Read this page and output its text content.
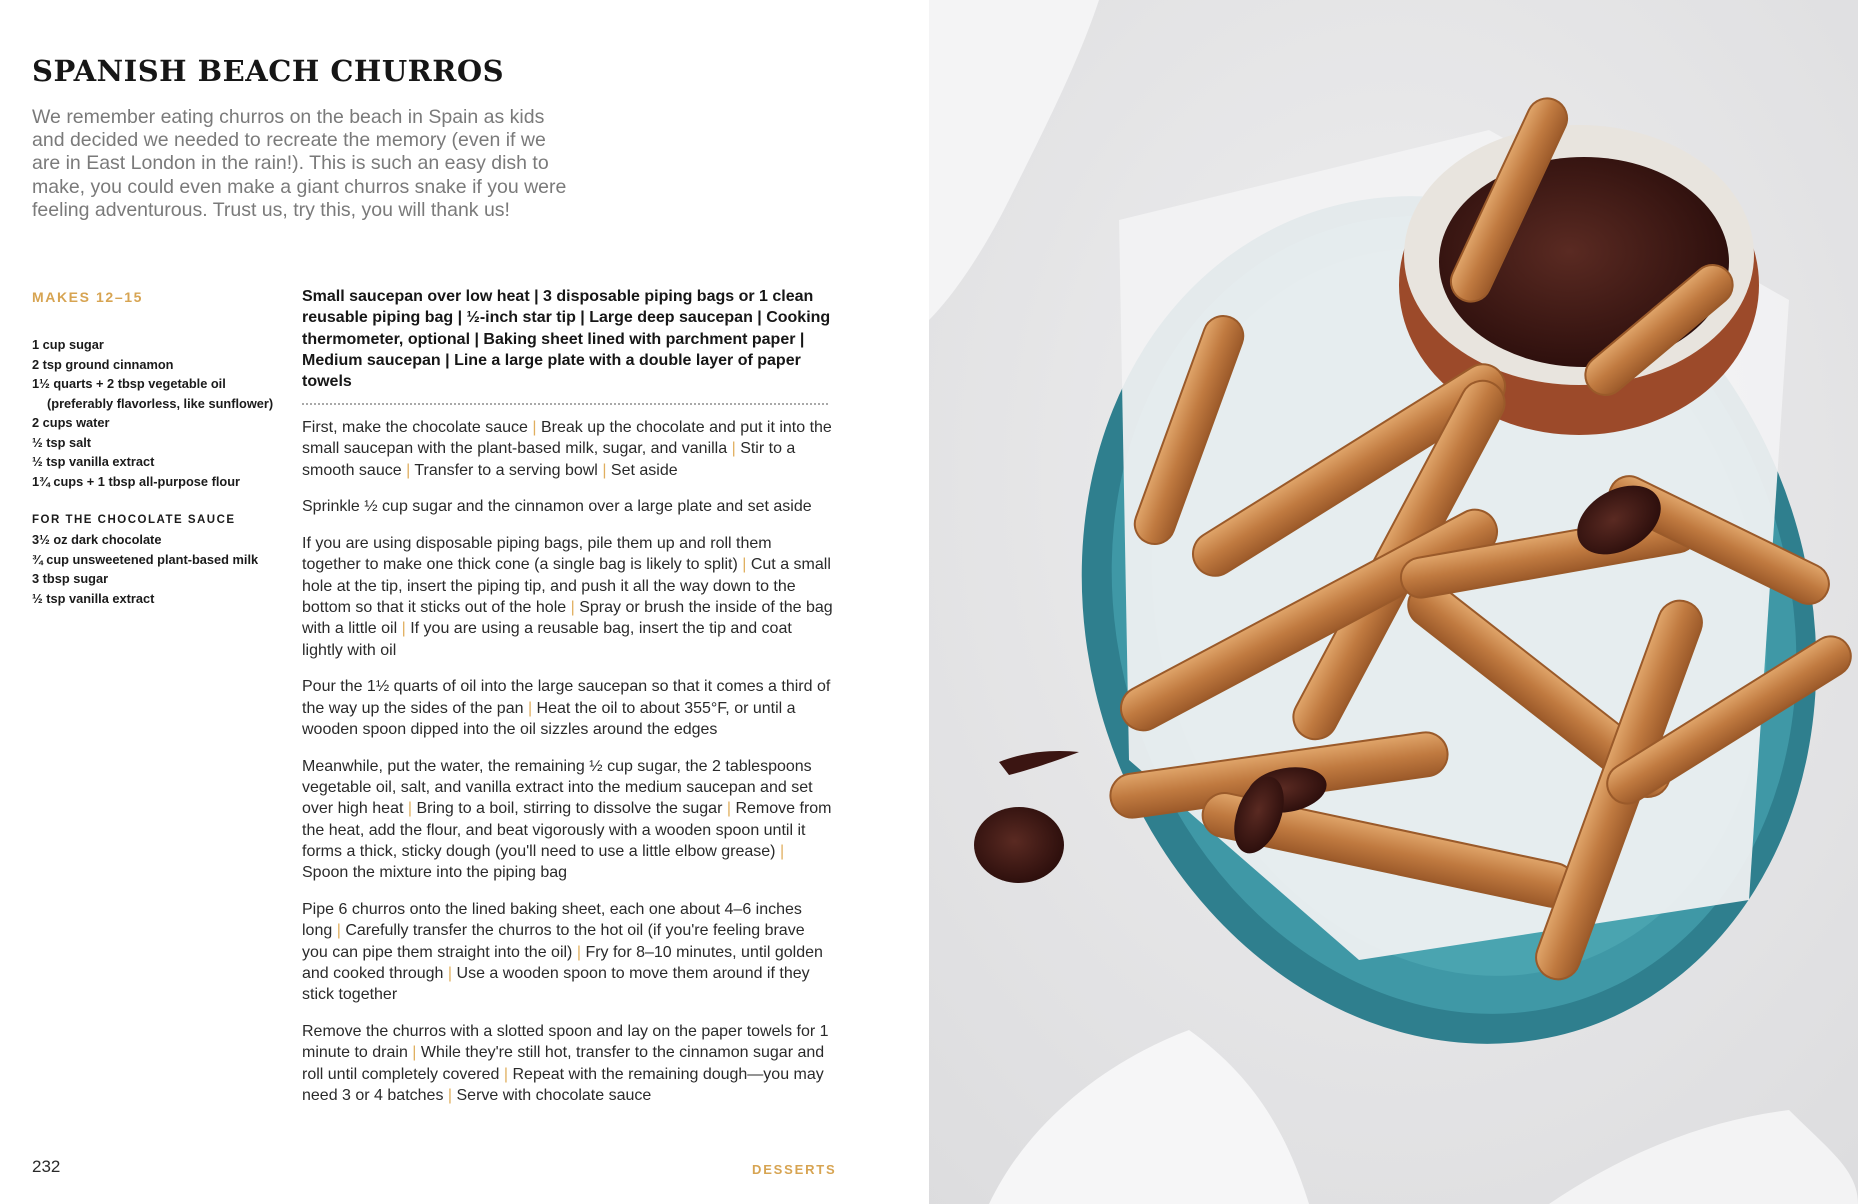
SPANISH BEACH CHURROS

We remember eating churros on the beach in Spain as kids and decided we needed to recreate the memory (even if we are in East London in the rain!). This is such an easy dish to make, you could even make a giant churros snake if you were feeling adventurous. Trust us, try this, you will thank us!

MAKES 12–15
1 cup sugar
2 tsp ground cinnamon
1½ quarts + 2 tbsp vegetable oil
(preferably flavorless, like sunflower)
2 cups water
½ tsp salt
½ tsp vanilla extract
1¾ cups + 1 tbsp all-purpose flour
FOR THE CHOCOLATE SAUCE
3½ oz dark chocolate
¾ cup unsweetened plant-based milk
3 tbsp sugar
½ tsp vanilla extract

Small saucepan over low heat | 3 disposable piping bags or 1 clean reusable piping bag | ½-inch star tip | Large deep saucepan | Cooking thermometer, optional | Baking sheet lined with parchment paper | Medium saucepan | Line a large plate with a double layer of paper towels

First, make the chocolate sauce | Break up the chocolate and put it into the small saucepan with the plant-based milk, sugar, and vanilla | Stir to a smooth sauce | Transfer to a serving bowl | Set aside

Sprinkle ½ cup sugar and the cinnamon over a large plate and set aside

If you are using disposable piping bags, pile them up and roll them together to make one thick cone (a single bag is likely to split) | Cut a small hole at the tip, insert the piping tip, and push it all the way down to the bottom so that it sticks out of the hole | Spray or brush the inside of the bag with a little oil | If you are using a reusable bag, insert the tip and coat lightly with oil

Pour the 1½ quarts of oil into the large saucepan so that it comes a third of the way up the sides of the pan | Heat the oil to about 355°F, or until a wooden spoon dipped into the oil sizzles around the edges

Meanwhile, put the water, the remaining ½ cup sugar, the 2 tablespoons vegetable oil, salt, and vanilla extract into the medium saucepan and set over high heat | Bring to a boil, stirring to dissolve the sugar | Remove from the heat, add the flour, and beat vigorously with a wooden spoon until it forms a thick, sticky dough (you'll need to use a little elbow grease) | Spoon the mixture into the piping bag

Pipe 6 churros onto the lined baking sheet, each one about 4–6 inches long | Carefully transfer the churros to the hot oil (if you're feeling brave you can pipe them straight into the oil) | Fry for 8–10 minutes, until golden and cooked through | Use a wooden spoon to move them around if they stick together

Remove the churros with a slotted spoon and lay on the paper towels for 1 minute to drain | While they're still hot, transfer to the cinnamon sugar and roll until completely covered | Repeat with the remaining dough—you may need 3 or 4 batches | Serve with chocolate sauce

232	DESSERTS
